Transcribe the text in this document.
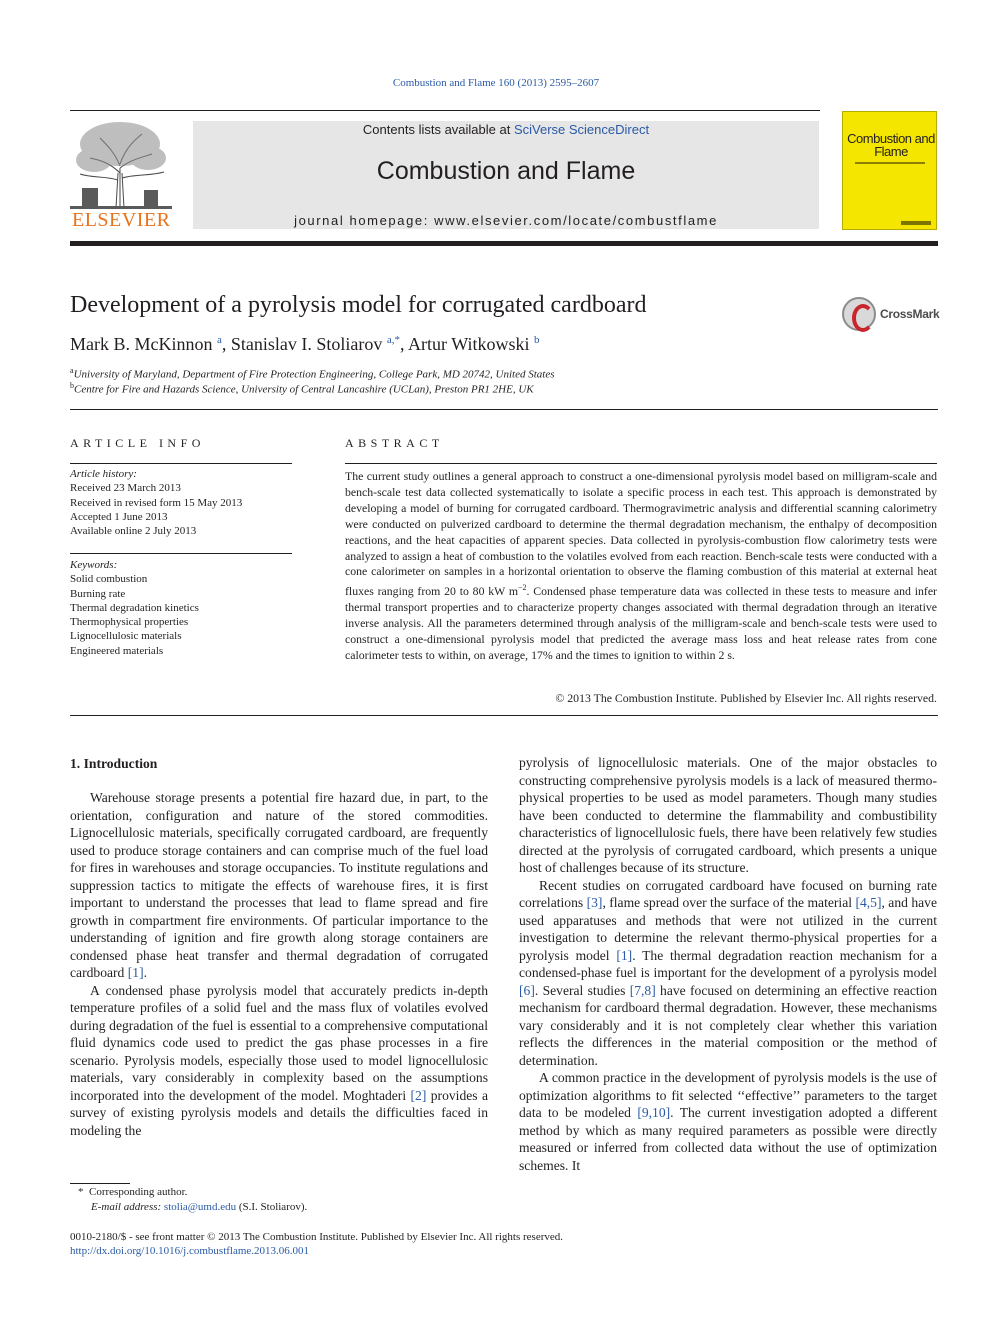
Combustion and Flame 160 (2013) 2595–2607
ELSEVIER
Contents lists available at SciVerse ScienceDirect
Combustion and Flame
journal homepage: www.elsevier.com/locate/combustflame
Combustion and Flame
Development of a pyrolysis model for corrugated cardboard	CrossMark
Mark B. McKinnon $^a$, Stanislav I. Stoliarov $^{a,*}$, Artur Witkowski $^b$
$^a$University of Maryland, Department of Fire Protection Engineering, College Park, MD 20742, United States
$^b$Centre for Fire and Hazards Science, University of Central Lancashire (UCLan), Preston PR1 2HE, UK
ARTICLE INFO
Article history:
Received 23 March 2013
Received in revised form 15 May 2013
Accepted 1 June 2013
Available online 2 July 2013
Keywords:
Solid combustion
Burning rate
Thermal degradation kinetics
Thermophysical properties
Lignocellulosic materials
Engineered materials
ABSTRACT
The current study outlines a general approach to construct a one-dimensional pyrolysis model based on milligram-scale and bench-scale test data collected systematically to isolate a specific process in each test. This approach is demonstrated by developing a model of burning for corrugated cardboard. Thermogravimetric analysis and differential scanning calorimetry were conducted on pulverized cardboard to determine the thermal degradation mechanism, the enthalpy of decomposition reactions, and the heat capacities of apparent species. Data collected in pyrolysis-combustion flow calorimetry tests were analyzed to assign a heat of combustion to the volatiles evolved from each reaction. Bench-scale tests were conducted with a cone calorimeter on samples in a horizontal orientation to observe the flaming combustion of this material at external heat fluxes ranging from 20 to 80 kW $m^{-2}$. Condensed phase temperature data was collected in these tests to measure and infer thermal transport properties and to characterize property changes associated with thermal degradation through an iterative inverse analysis. All the parameters determined through analysis of the milligram-scale and bench-scale tests were used to construct a one-dimensional pyrolysis model that predicted the average mass loss and heat release rates from cone calorimeter tests to within, on average, 17% and the times to ignition to within 2 s.
© 2013 The Combustion Institute. Published by Elsevier Inc. All rights reserved.
1. Introduction

Warehouse storage presents a potential fire hazard due, in part, to the orientation, configuration and nature of the stored commodities. Lignocellulosic materials, specifically corrugated cardboard, are frequently used to produce storage containers and can comprise much of the fuel load for fires in warehouses and storage occupancies. To institute regulations and suppression tactics to mitigate the effects of warehouse fires, it is first important to understand the processes that lead to flame spread and fire growth in compartment fire environments. Of particular importance to the understanding of ignition and fire growth along storage containers are condensed phase heat transfer and thermal degradation of corrugated cardboard [1].

A condensed phase pyrolysis model that accurately predicts in-depth temperature profiles of a solid fuel and the mass flux of volatiles evolved during degradation of the fuel is essential to a comprehensive computational fluid dynamics code used to predict the gas phase processes in a fire scenario. Pyrolysis models, especially those used to model lignocellulosic materials, vary considerably in complexity based on the assumptions incorporated into the development of the model. Moghtaderi [2] provides a survey of existing pyrolysis models and details the difficulties faced in modeling the

pyrolysis of lignocellulosic materials. One of the major obstacles to constructing comprehensive pyrolysis models is a lack of measured thermo-physical properties to be used as model parameters. Though many studies have been conducted to determine the flammability and combustibility characteristics of lignocellulosic fuels, there have been relatively few studies directed at the pyrolysis of corrugated cardboard, which presents a unique host of challenges because of its structure.

Recent studies on corrugated cardboard have focused on burning rate correlations [3], flame spread over the surface of the material [4,5], and have used apparatuses and methods that were not utilized in the current investigation to determine the relevant thermo-physical properties for a pyrolysis model [1]. The thermal degradation reaction mechanism for a condensed-phase fuel is important for the development of a pyrolysis model [6]. Several studies [7,8] have focused on determining an effective reaction mechanism for cardboard thermal degradation. However, these mechanisms vary considerably and it is not completely clear whether this variation reflects the differences in the material composition or the method of determination.

A common practice in the development of pyrolysis models is the use of optimization algorithms to fit selected ‘‘effective’’ parameters to the target data to be modeled [9,10]. The current investigation adopted a different method by which as many required parameters as possible were directly measured or inferred from collected data without the use of optimization schemes. It

* Corresponding author.
E-mail address: stolia@umd.edu (S.I. Stoliarov).
0010-2180/$ - see front matter © 2013 The Combustion Institute. Published by Elsevier Inc. All rights reserved.
http://dx.doi.org/10.1016/j.combustflame.2013.06.001
